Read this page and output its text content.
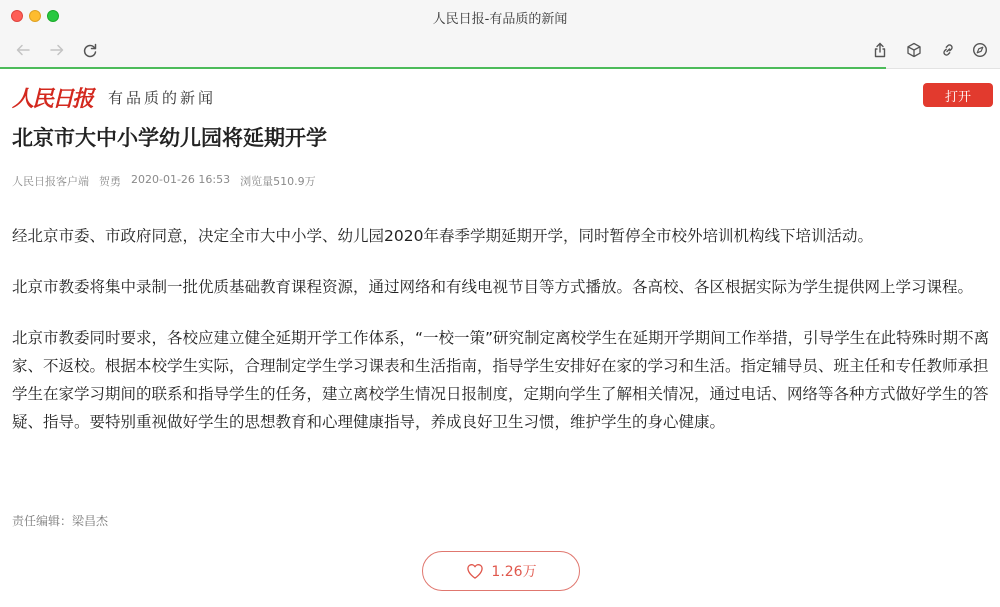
人民日报-有品质的新闻
人民日报 有品质的新闻	打开
北京市大中小学幼儿园将延期开学
人民日报客户端 贺勇 2020-01-26 16:53 浏览量510.9万

经北京市委、市政府同意，决定全市大中小学、幼儿园2020年春季学期延期开学，同时暂停全市校外培训机构线下培训活动。

北京市教委将集中录制一批优质基础教育课程资源，通过网络和有线电视节目等方式播放。各高校、各区根据实际为学生提供网上学习课程。

北京市教委同时要求，各校应建立健全延期开学工作体系，“一校一策”研究制定离校学生在延期开学期间工作举措，引导学生在此特殊时期不离家、不返校。根据本校学生实际，合理制定学生学习课表和生活指南，指导学生安排好在家的学习和生活。指定辅导员、班主任和专任教师承担学生在家学习期间的联系和指导学生的任务，建立离校学生情况日报制度，定期向学生了解相关情况，通过电话、网络等各种方式做好学生的答疑、指导。要特别重视做好学生的思想教育和心理健康指导，养成良好卫生习惯，维护学生的身心健康。

责任编辑：梁昌杰
1.26万
